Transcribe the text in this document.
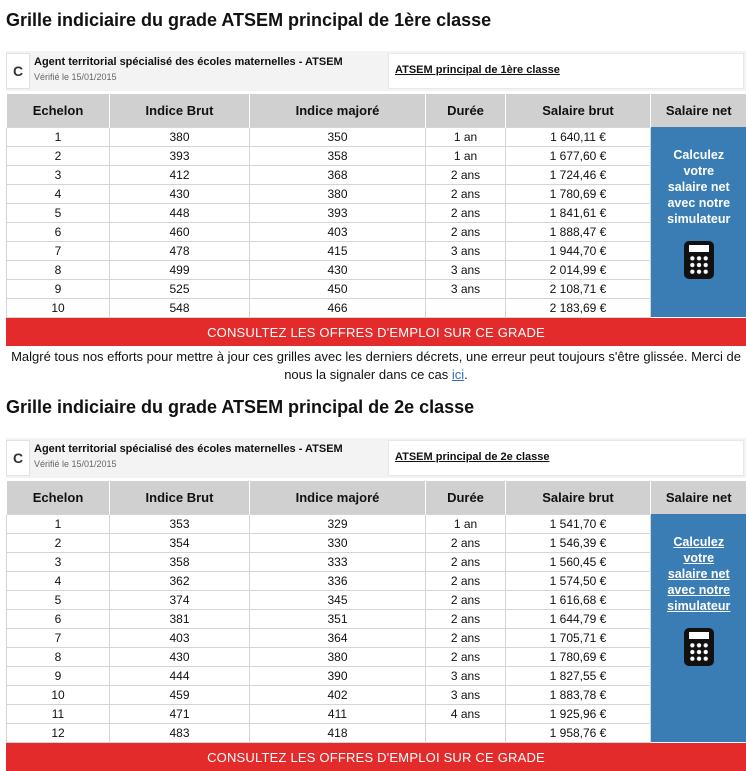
Grille indiciaire du grade ATSEM principal de 1ère classe
C
Agent territorial spécialisé des écoles maternelles - ATSEM
Vérifié le 15/01/2015
ATSEM principal de 1ère classe
Echelon	Indice Brut	Indice majoré	Durée	Salaire brut	Salaire net
1	380	350	1 an	1 640,11 €	Calculez
votre
salaire net
avec notre
simulateur

2	393	358	1 an	1 677,60 €	
3	412	368	2 ans	1 724,46 €	
4	430	380	2 ans	1 780,69 €	
5	448	393	2 ans	1 841,61 €	
6	460	403	2 ans	1 888,47 €	
7	478	415	3 ans	1 944,70 €	
8	499	430	3 ans	2 014,99 €	
9	525	450	3 ans	2 108,71 €	
10	548	466		2 183,69 €	
CONSULTEZ LES OFFRES D'EMPLOI SUR CE GRADE
Malgré tous nos efforts pour mettre à jour ces grilles avec les derniers décrets, une erreur peut toujours s'être glissée. Merci de nous la signaler dans ce cas ici.
Grille indiciaire du grade ATSEM principal de 2e classe
C
Agent territorial spécialisé des écoles maternelles - ATSEM
Vérifié le 15/01/2015
ATSEM principal de 2e classe
Echelon	Indice Brut	Indice majoré	Durée	Salaire brut	Salaire net
1	353	329	1 an	1 541,70 €	Calculez
votre
salaire net
avec notre
simulateur

2	354	330	2 ans	1 546,39 €	
3	358	333	2 ans	1 560,45 €	
4	362	336	2 ans	1 574,50 €	
5	374	345	2 ans	1 616,68 €	
6	381	351	2 ans	1 644,79 €	
7	403	364	2 ans	1 705,71 €	
8	430	380	2 ans	1 780,69 €	
9	444	390	3 ans	1 827,55 €	
10	459	402	3 ans	1 883,78 €	
11	471	411	4 ans	1 925,96 €	
12	483	418		1 958,76 €	
CONSULTEZ LES OFFRES D'EMPLOI SUR CE GRADE
